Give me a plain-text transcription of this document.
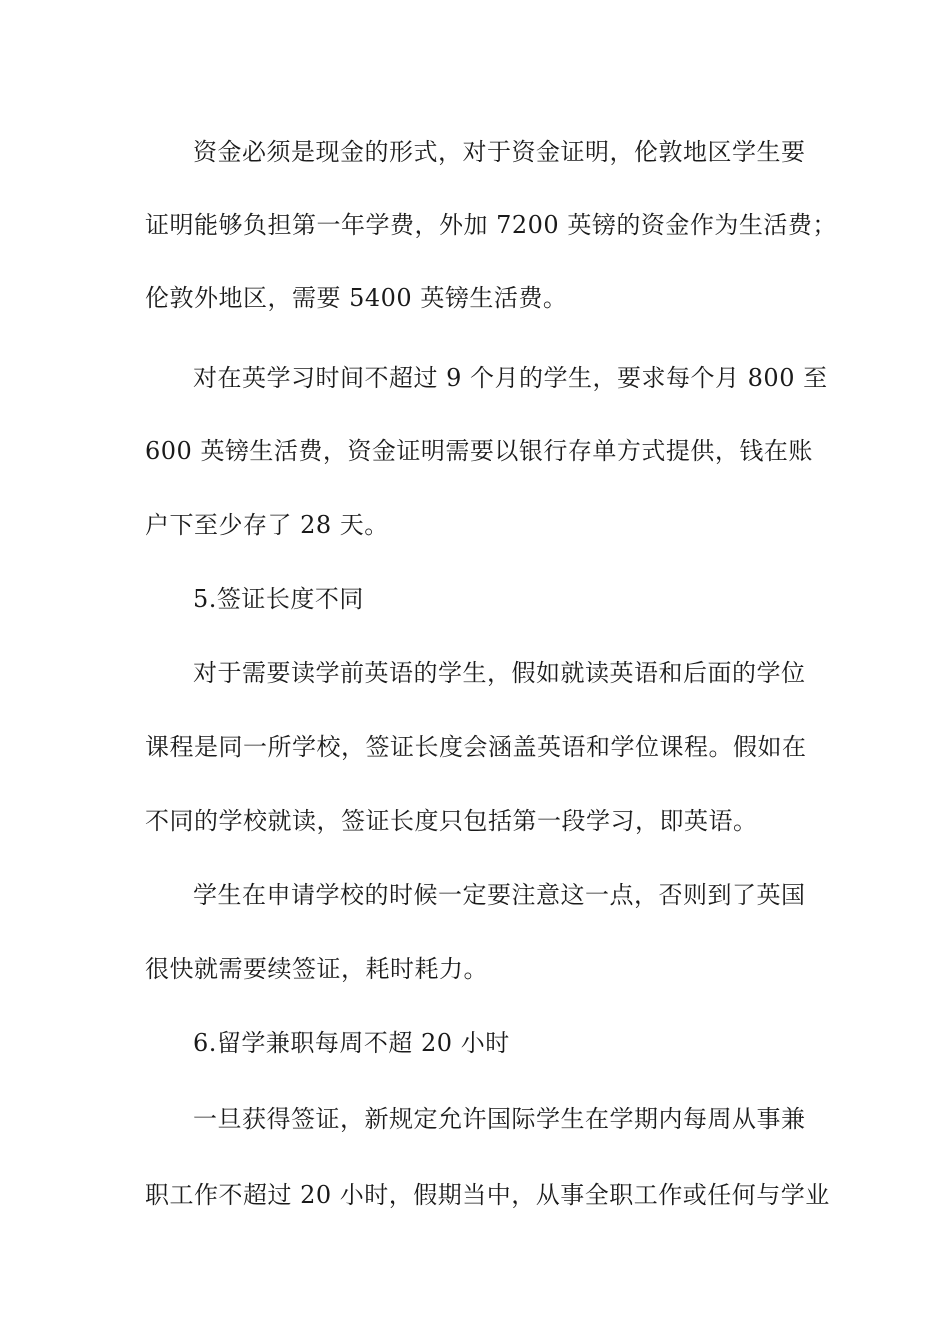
资金必须是现金的形式，对于资金证明，伦敦地区学生要
证明能够负担第一年学费，外加 7200 英镑的资金作为生活费；
伦敦外地区，需要 5400 英镑生活费。
对在英学习时间不超过 9 个月的学生，要求每个月 800 至
600 英镑生活费，资金证明需要以银行存单方式提供，钱在账
户下至少存了 28 天。
5.签证长度不同
对于需要读学前英语的学生，假如就读英语和后面的学位
课程是同一所学校，签证长度会涵盖英语和学位课程。假如在
不同的学校就读，签证长度只包括第一段学习，即英语。
学生在申请学校的时候一定要注意这一点，否则到了英国
很快就需要续签证，耗时耗力。
6.留学兼职每周不超 20 小时
一旦获得签证，新规定允许国际学生在学期内每周从事兼
职工作不超过 20 小时，假期当中，从事全职工作或任何与学业
